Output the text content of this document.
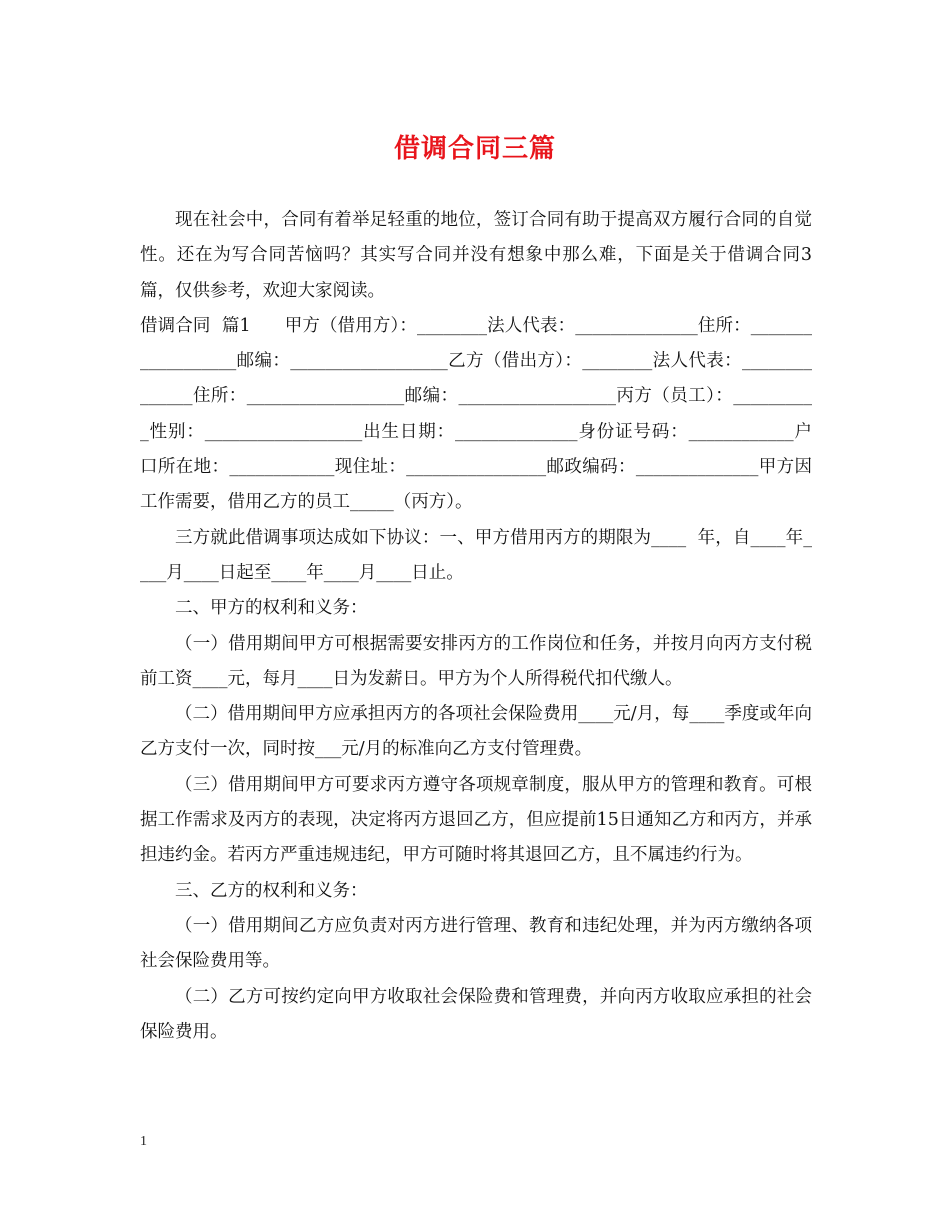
借调合同三篇

现在社会中，合同有着举足轻重的地位，签订合同有助于提高双方履行合同的自觉性。还在为写合同苦恼吗？其实写合同并没有想象中那么难，下面是关于借调合同3篇，仅供参考，欢迎大家阅读。

借调合同  篇1      甲方（借用方）：________法人代表：______________住所：__________________邮编：__________________乙方（借出方）：________法人代表：______________住所：__________________邮编：__________________丙方（员工）：__________性别：__________________出生日期：______________身份证号码：____________户口所在地：____________现住址：________________邮政编码：______________甲方因工作需要，借用乙方的员工_____（丙方）。

三方就此借调事项达成如下协议：一、甲方借用丙方的期限为____  年，自____年____月____日起至____年____月____日止。

二、甲方的权利和义务：

（一）借用期间甲方可根据需要安排丙方的工作岗位和任务，并按月向丙方支付税前工资____元，每月____日为发薪日。甲方为个人所得税代扣代缴人。

（二）借用期间甲方应承担丙方的各项社会保险费用____元/月，每____季度或年向乙方支付一次，同时按___元/月的标准向乙方支付管理费。

（三）借用期间甲方可要求丙方遵守各项规章制度，服从甲方的管理和教育。可根据工作需求及丙方的表现，决定将丙方退回乙方，但应提前15日通知乙方和丙方，并承担违约金。若丙方严重违规违纪，甲方可随时将其退回乙方，且不属违约行为。

三、乙方的权利和义务：

（一）借用期间乙方应负责对丙方进行管理、教育和违纪处理，并为丙方缴纳各项社会保险费用等。

（二）乙方可按约定向甲方收取社会保险费和管理费，并向丙方收取应承担的社会保险费用。

1
